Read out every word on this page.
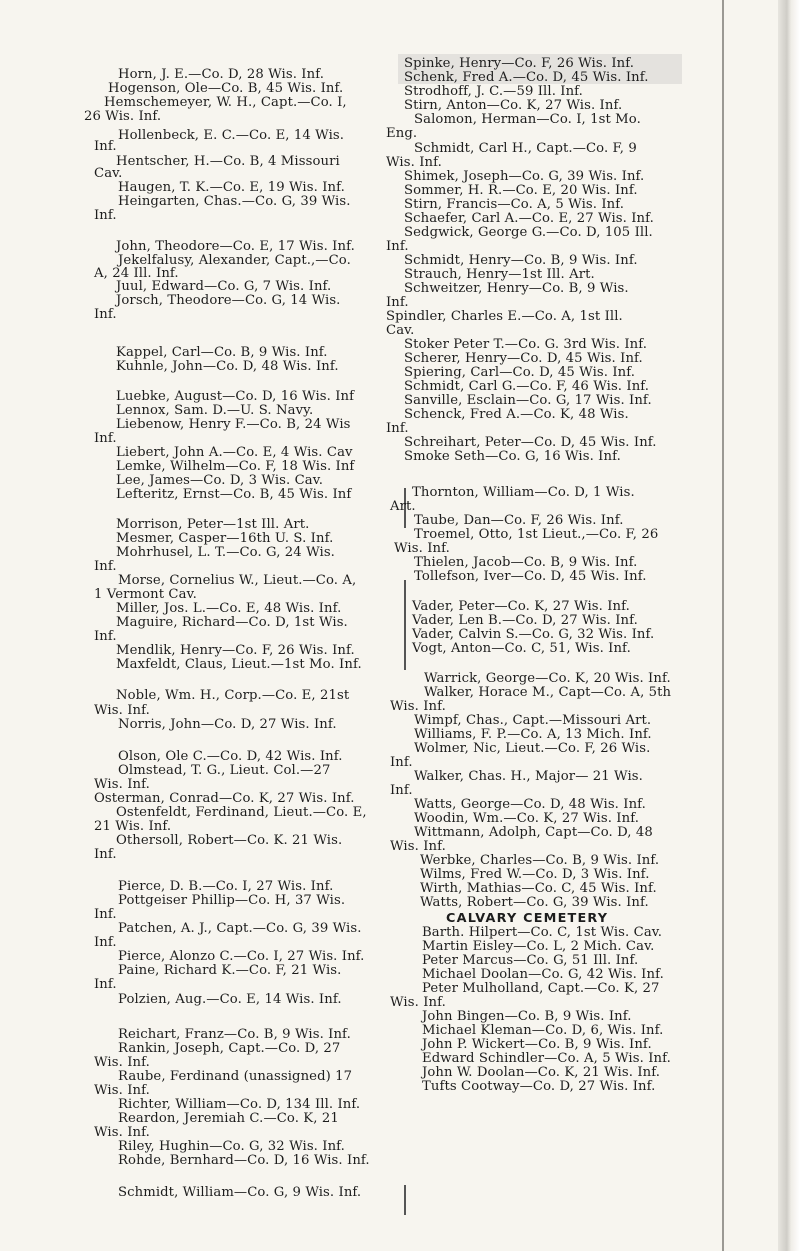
Horn, J. E.—Co. D, 28 Wis. Inf.
Hogenson, Ole—Co. B, 45 Wis. Inf.
Hemschemeyer, W. H., Capt.—Co. I,
26 Wis. Inf.
Hollenbeck, E. C.—Co. E, 14 Wis.
Inf.
Hentscher, H.—Co. B, 4 Missouri
Cav.
Haugen, T. K.—Co. E, 19 Wis. Inf.
Heingarten, Chas.—Co. G, 39 Wis.
Inf.
John, Theodore—Co. E, 17 Wis. Inf.
Jekelfalusy, Alexander, Capt.,—Co.
A, 24 Ill. Inf.
Juul, Edward—Co. G, 7 Wis. Inf.
Jorsch, Theodore—Co. G, 14 Wis.
Inf.
Kappel, Carl—Co. B, 9 Wis. Inf.
Kuhnle, John—Co. D, 48 Wis. Inf.
Luebke, August—Co. D, 16 Wis. Inf
Lennox, Sam. D.—U. S. Navy.
Liebenow, Henry F.—Co. B, 24 Wis
Inf.
Liebert, John A.—Co. E, 4 Wis. Cav
Lemke, Wilhelm—Co. F, 18 Wis. Inf
Lee, James—Co. D, 3 Wis. Cav.
Lefteritz, Ernst—Co. B, 45 Wis. Inf
Morrison, Peter—1st Ill. Art.
Mesmer, Casper—16th U. S. Inf.
Mohrhusel, L. T.—Co. G, 24 Wis.
Inf.
Morse, Cornelius W., Lieut.—Co. A,
1 Vermont Cav.
Miller, Jos. L.—Co. E, 48 Wis. Inf.
Maguire, Richard—Co. D, 1st Wis.
Inf.
Mendlik, Henry—Co. F, 26 Wis. Inf.
Maxfeldt, Claus, Lieut.—1st Mo. Inf.
Noble, Wm. H., Corp.—Co. E, 21st
Wis. Inf.
Norris, John—Co. D, 27 Wis. Inf.
Olson, Ole C.—Co. D, 42 Wis. Inf.
Olmstead, T. G., Lieut. Col.—27
Wis. Inf.
Osterman, Conrad—Co. K, 27 Wis. Inf.
Ostenfeldt, Ferdinand, Lieut.—Co. E,
21 Wis. Inf.
Othersoll, Robert—Co. K. 21 Wis.
Inf.
Pierce, D. B.—Co. I, 27 Wis. Inf.
Pottgeiser Phillip—Co. H, 37 Wis.
Inf.
Patchen, A. J., Capt.—Co. G, 39 Wis.
Inf.
Pierce, Alonzo C.—Co. I, 27 Wis. Inf.
Paine, Richard K.—Co. F, 21 Wis.
Inf.
Polzien, Aug.—Co. E, 14 Wis. Inf.
Reichart, Franz—Co. B, 9 Wis. Inf.
Rankin, Joseph, Capt.—Co. D, 27
Wis. Inf.
Raube, Ferdinand (unassigned) 17
Wis. Inf.
Richter, William—Co. D, 134 Ill. Inf.
Reardon, Jeremiah C.—Co. K, 21
Wis. Inf.
Riley, Hughin—Co. G, 32 Wis. Inf.
Rohde, Bernhard—Co. D, 16 Wis. Inf.
Schmidt, William—Co. G, 9 Wis. Inf.
Spinke, Henry—Co. F, 26 Wis. Inf.
Schenk, Fred A.—Co. D, 45 Wis. Inf.
Strodhoff, J. C.—59 Ill. Inf.
Stirn, Anton—Co. K, 27 Wis. Inf.
Salomon, Herman—Co. I, 1st Mo.
Eng.
Schmidt, Carl H., Capt.—Co. F, 9
Wis. Inf.
Shimek, Joseph—Co. G, 39 Wis. Inf.
Sommer, H. R.—Co. E, 20 Wis. Inf.
Stirn, Francis—Co. A, 5 Wis. Inf.
Schaefer, Carl A.—Co. E, 27 Wis. Inf.
Sedgwick, George G.—Co. D, 105 Ill.
Inf.
Schmidt, Henry—Co. B, 9 Wis. Inf.
Strauch, Henry—1st Ill. Art.
Schweitzer, Henry—Co. B, 9 Wis.
Inf.
Spindler, Charles E.—Co. A, 1st Ill.
Cav.
Stoker Peter T.—Co. G. 3rd Wis. Inf.
Scherer, Henry—Co. D, 45 Wis. Inf.
Spiering, Carl—Co. D, 45 Wis. Inf.
Schmidt, Carl G.—Co. F, 46 Wis. Inf.
Sanville, Esclain—Co. G, 17 Wis. Inf.
Schenck, Fred A.—Co. K, 48 Wis.
Inf.
Schreihart, Peter—Co. D, 45 Wis. Inf.
Smoke Seth—Co. G, 16 Wis. Inf.
Thornton, William—Co. D, 1 Wis.
Art.
Taube, Dan—Co. F, 26 Wis. Inf.
Troemel, Otto, 1st Lieut.,—Co. F, 26
Wis. Inf.
Thielen, Jacob—Co. B, 9 Wis. Inf.
Tollefson, Iver—Co. D, 45 Wis. Inf.
Vader, Peter—Co. K, 27 Wis. Inf.
Vader, Len B.—Co. D, 27 Wis. Inf.
Vader, Calvin S.—Co. G, 32 Wis. Inf.
Vogt, Anton—Co. C, 51, Wis. Inf.
Warrick, George—Co. K, 20 Wis. Inf.
Walker, Horace M., Capt—Co. A, 5th
Wis. Inf.
Wimpf, Chas., Capt.—Missouri Art.
Williams, F. P.—Co. A, 13 Mich. Inf.
Wolmer, Nic, Lieut.—Co. F, 26 Wis.
Inf.
Walker, Chas. H., Major— 21 Wis.
Inf.
Watts, George—Co. D, 48 Wis. Inf.
Woodin, Wm.—Co. K, 27 Wis. Inf.
Wittmann, Adolph, Capt—Co. D, 48
Wis. Inf.
Werbke, Charles—Co. B, 9 Wis. Inf.
Wilms, Fred W.—Co. D, 3 Wis. Inf.
Wirth, Mathias—Co. C, 45 Wis. Inf.
Watts, Robert—Co. G, 39 Wis. Inf.
CALVARY CEMETERY
Barth. Hilpert—Co. C, 1st Wis. Cav.
Martin Eisley—Co. L, 2 Mich. Cav.
Peter Marcus—Co. G, 51 Ill. Inf.
Michael Doolan—Co. G, 42 Wis. Inf.
Peter Mulholland, Capt.—Co. K, 27
Wis. Inf.
John Bingen—Co. B, 9 Wis. Inf.
Michael Kleman—Co. D, 6, Wis. Inf.
John P. Wickert—Co. B, 9 Wis. Inf.
Edward Schindler—Co. A, 5 Wis. Inf.
John W. Doolan—Co. K, 21 Wis. Inf.
Tufts Cootway—Co. D, 27 Wis. Inf.
